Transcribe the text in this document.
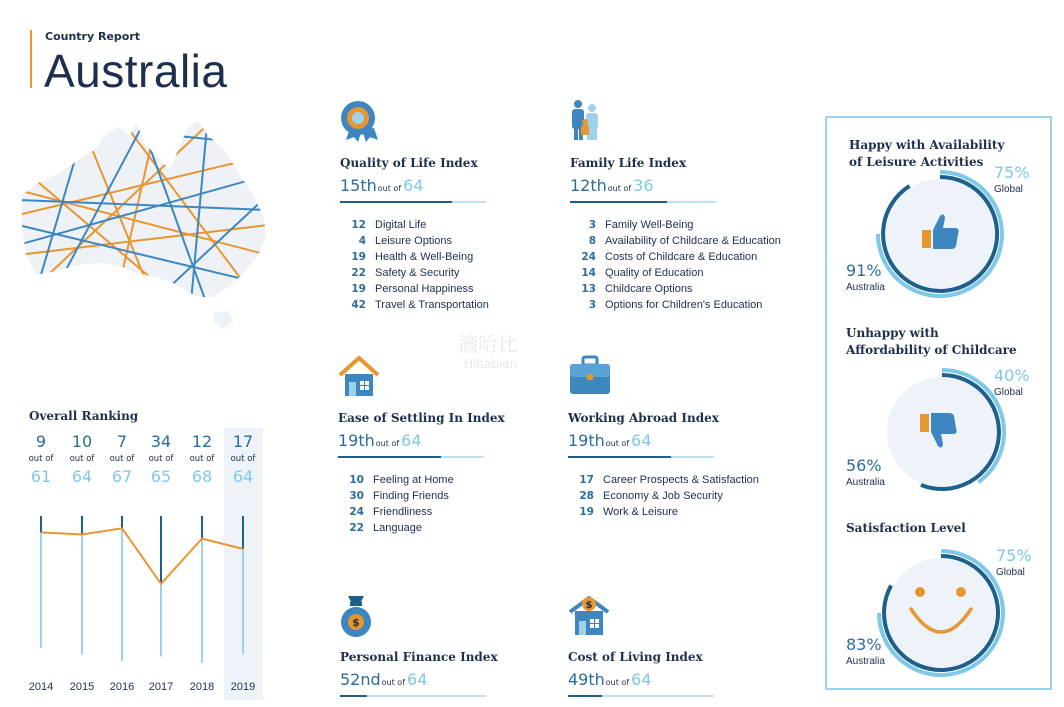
Country Report
Australia
Quality of Life Index
15thout of 64
12 Digital Life
4 Leisure Options
19 Health & Well-Being
22 Safety & Security
19 Personal Happiness
42 Travel & Transportation
Family Life Index
12thout of 36
3 Family Well-Being
8 Availability of Childcare & Education
24 Costs of Childcare & Education
14 Quality of Education
13 Childcare Options
3 Options for Children's Education
Ease of Settling In Index
19thout of 64
10 Feeling at Home
30 Finding Friends
24 Friendliness
22 Language
Working Abroad Index
19thout of 64
17 Career Prospects & Satisfaction
28 Economy & Job Security
19 Work & Leisure
$
Personal Finance Index
52ndout of 64
$
Cost of Living Index
49thout of 64
滴哈比
Hihabian
Overall Ranking
9
out of
61
10
out of
64
7
out of
67
34
out of
65
12
out of
68
17
out of
64
2014	2015	2016	2017	2018	2019
Happy with Availability
of Leisure Activities
75%
Global
91%
Australia
Unhappy with
Affordability of Childcare
40%
Global
56%
Australia
Satisfaction Level
75%
Global
83%
Australia
